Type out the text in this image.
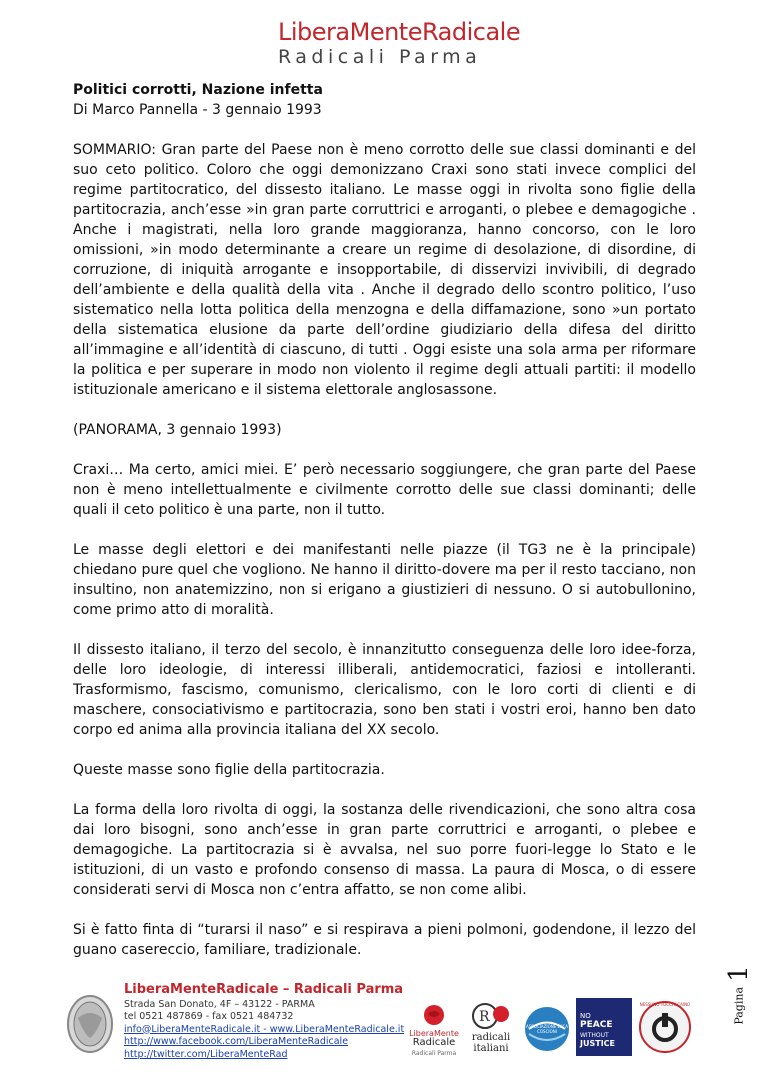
LiberaMenteRadicale
Radicali Parma

Politici corrotti, Nazione infetta

Di Marco Pannella - 3 gennaio 1993

SOMMARIO: Gran parte del Paese non è meno corrotto delle sue classi dominanti e del suo ceto politico. Coloro che oggi demonizzano Craxi sono stati invece complici del regime partitocratico, del dissesto italiano. Le masse oggi in rivolta sono figlie della partitocrazia, anch’esse »in gran parte corruttrici e arroganti, o plebee e demagogiche . Anche i magistrati, nella loro grande maggioranza, hanno concorso, con le loro omissioni, »in modo determinante a creare un regime di desolazione, di disordine, di corruzione, di iniquità arrogante e insopportabile, di disservizi invivibili, di degrado dell’ambiente e della qualità della vita . Anche il degrado dello scontro politico, l’uso sistematico nella lotta politica della menzogna e della diffamazione, sono »un portato della sistematica elusione da parte dell’ordine giudiziario della difesa del diritto all’immagine e all’identità di ciascuno, di tutti . Oggi esiste una sola arma per riformare la politica e per superare in modo non violento il regime degli attuali partiti: il modello istituzionale americano e il sistema elettorale anglosassone.

(PANORAMA, 3 gennaio 1993)

Craxi… Ma certo, amici miei. E’ però necessario soggiungere, che gran parte del Paese non è meno intellettualmente e civilmente corrotto delle sue classi dominanti; delle quali il ceto politico è una parte, non il tutto.

Le masse degli elettori e dei manifestanti nelle piazze (il TG3 ne è la principale) chiedano pure quel che vogliono. Ne hanno il diritto-dovere ma per il resto tacciano, non insultino, non anatemizzino, non si erigano a giustizieri di nessuno. O si autobullonino, come primo atto di moralità.

Il dissesto italiano, il terzo del secolo, è innanzitutto conseguenza delle loro idee-forza, delle loro ideologie, di interessi illiberali, antidemocratici, faziosi e intolleranti. Trasformismo, fascismo, comunismo, clericalismo, con le loro corti di clienti e di maschere, consociativismo e partitocrazia, sono ben stati i vostri eroi, hanno ben dato corpo ed anima alla provincia italiana del XX secolo.

Queste masse sono figlie della partitocrazia.

La forma della loro rivolta di oggi, la sostanza delle rivendicazioni, che sono altra cosa dai loro bisogni, sono anch’esse in gran parte corruttrici e arroganti, o plebee e demagogiche. La partitocrazia si è avvalsa, nel suo porre fuori-legge lo Stato e le istituzioni, di un vasto e profondo consenso di massa. La paura di Mosca, o di essere considerati servi di Mosca non c’entra affatto, se non come alibi.

Si è fatto finta di “turarsi il naso” e si respirava a pieni polmoni, godendone, il lezzo del guano casereccio, familiare, tradizionale.

Pagina 1
LiberaMenteRadicale – Radicali Parma
Strada San Donato, 4F – 43122 - PARMA
tel 0521 487869 - fax 0521 484732
info@LiberaMenteRadicale.it - www.LiberaMenteRadicale.it
http://www.facebook.com/LiberaMenteRadicale
http://twitter.com/LiberaMenteRad
LiberaMente
Radicale
Radicali Parma
R
radicali
italiani
ASSOCIAZIONE LUCA COSCIONI
NO
PEACE
WITHOUT
JUSTICE
NESSUNO TOCCHI CAINO
